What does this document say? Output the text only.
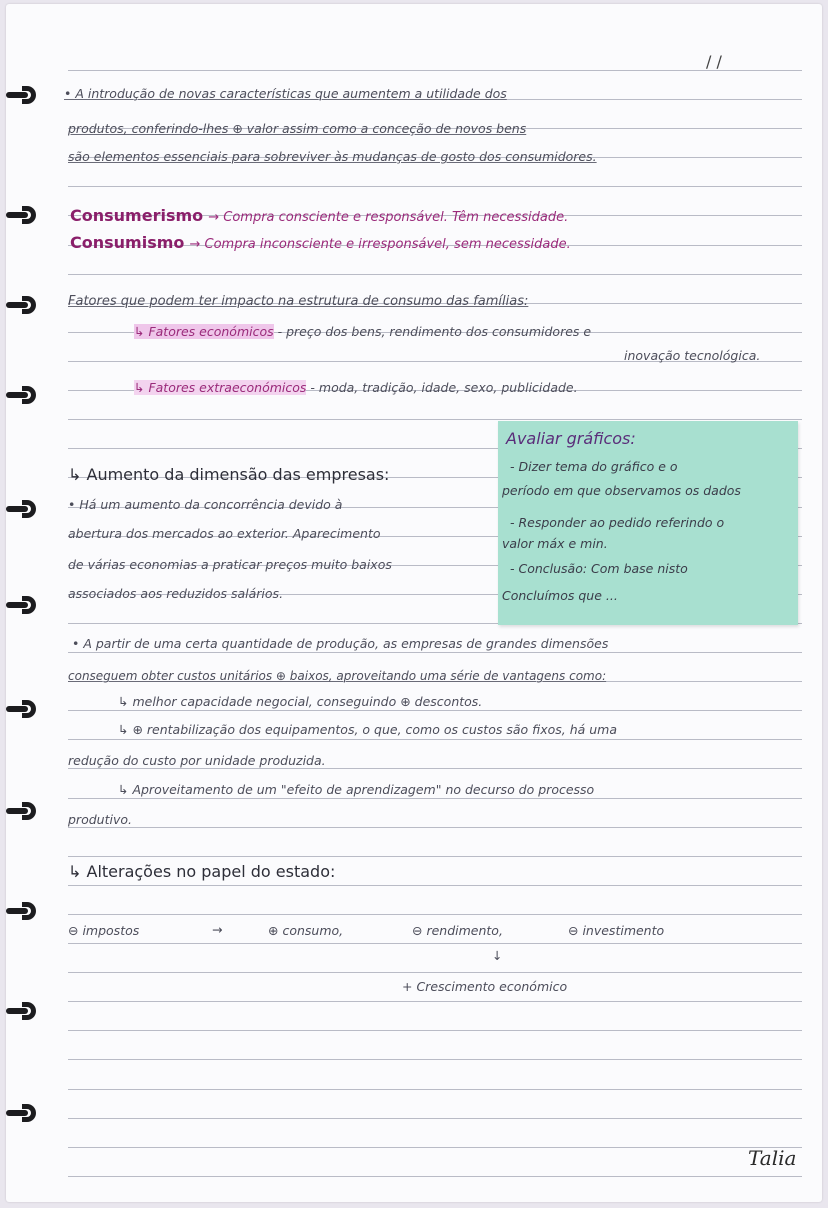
/ /
• A introdução de novas características que aumentem a utilidade dos
produtos, conferindo-lhes ⊕ valor assim como a conceção de novos bens
são elementos essenciais para sobreviver às mudanças de gosto dos consumidores.
Consumerismo → Compra consciente e responsável. Têm necessidade.
Consumismo → Compra inconsciente e irresponsável, sem necessidade.
Fatores que podem ter impacto na estrutura de consumo das famílias:
↳ Fatores económicos - preço dos bens, rendimento dos consumidores e
inovação tecnológica.
↳ Fatores extraeconómicos - moda, tradição, idade, sexo, publicidade.
↳ Aumento da dimensão das empresas:
• Há um aumento da concorrência devido à
abertura dos mercados ao exterior. Aparecimento
de várias economias a praticar preços muito baixos
associados aos reduzidos salários.
Avaliar gráficos:
- Dizer tema do gráfico e o
período em que observamos os dados
- Responder ao pedido referindo o
valor máx e min.
- Conclusão: Com base nisto
Concluímos que ...
• A partir de uma certa quantidade de produção, as empresas de grandes dimensões
conseguem obter custos unitários ⊕ baixos, aproveitando uma série de vantagens como:
↳ melhor capacidade negocial, conseguindo ⊕ descontos.
↳ ⊕ rentabilização dos equipamentos, o que, como os custos são fixos, há uma
redução do custo por unidade produzida.
↳ Aproveitamento de um "efeito de aprendizagem" no decurso do processo
produtivo.
↳ Alterações no papel do estado:
⊖ impostos	→	⊕ consumo,	⊖ rendimento,	⊖ investimento
↓
+ Crescimento económico
Talia
